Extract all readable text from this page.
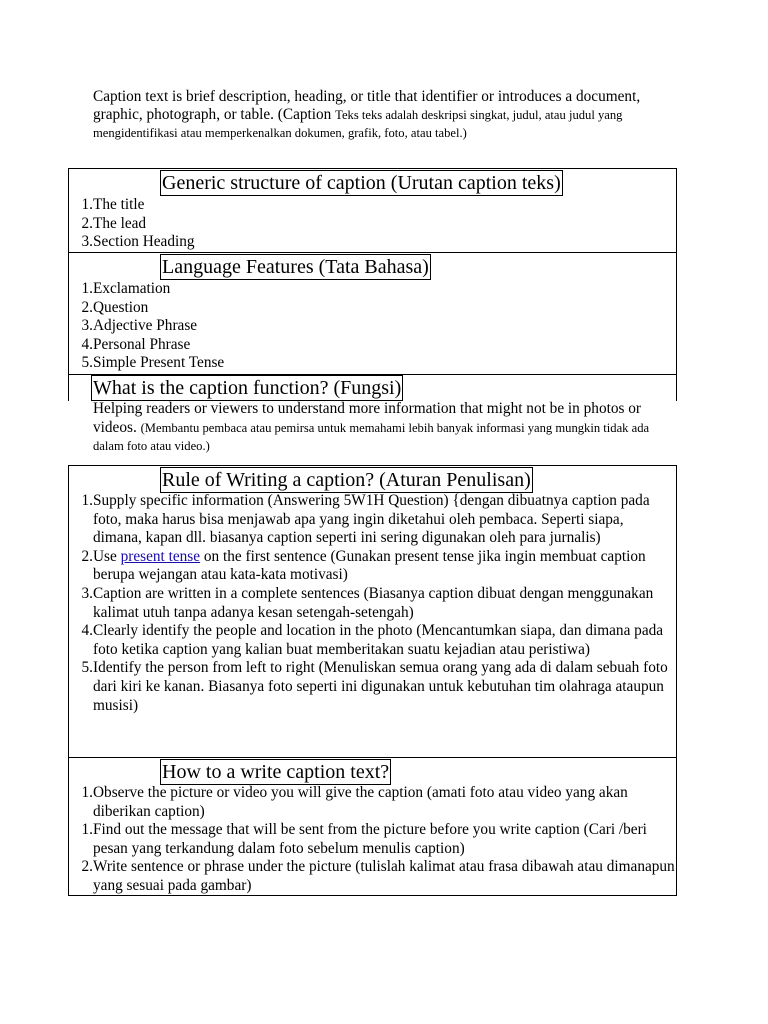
Caption text is brief description, heading, or title that identifier or introduces a document, graphic, photograph, or table. (Caption Teks teks adalah deskripsi singkat, judul, atau judul yang mengidentifikasi atau memperkenalkan dokumen, grafik, foto, atau tabel.)
Generic structure of caption (Urutan caption teks)
1. The title
2. The lead
3. Section Heading
Language Features (Tata Bahasa)
1. Exclamation
2. Question
3. Adjective Phrase
4. Personal Phrase
5. Simple Present Tense
What is the caption function? (Fungsi)
Helping readers or viewers to understand more information that might not be in photos or videos. (Membantu pembaca atau pemirsa untuk memahami lebih banyak informasi yang mungkin tidak ada dalam foto atau video.)
Rule of Writing a caption? (Aturan Penulisan)
1. Supply specific information (Answering 5W1H Question) {dengan dibuatnya caption pada foto, maka harus bisa menjawab apa yang ingin diketahui oleh pembaca. Seperti siapa, dimana, kapan dll. biasanya caption seperti ini sering digunakan oleh para jurnalis)
2. Use present tense on the first sentence (Gunakan present tense jika ingin membuat caption berupa wejangan atau kata-kata motivasi)
3. Caption are written in a complete sentences (Biasanya caption dibuat dengan menggunakan kalimat utuh tanpa adanya kesan setengah-setengah)
4. Clearly identify the people and location in the photo (Mencantumkan siapa, dan dimana pada foto ketika caption yang kalian buat memberitakan suatu kejadian atau peristiwa)
5. Identify the person from left to right (Menuliskan semua orang yang ada di dalam sebuah foto dari kiri ke kanan. Biasanya foto seperti ini digunakan untuk kebutuhan tim olahraga ataupun musisi)
How to a write caption text?
1. Observe the picture or video you will give the caption (amati foto atau video yang akan diberikan caption)
1. Find out the message that will be sent from the picture before you write caption (Cari /beri pesan yang terkandung dalam foto sebelum menulis caption)
2. Write sentence or phrase under the picture (tulislah kalimat atau frasa dibawah atau dimanapun yang sesuai pada gambar)
